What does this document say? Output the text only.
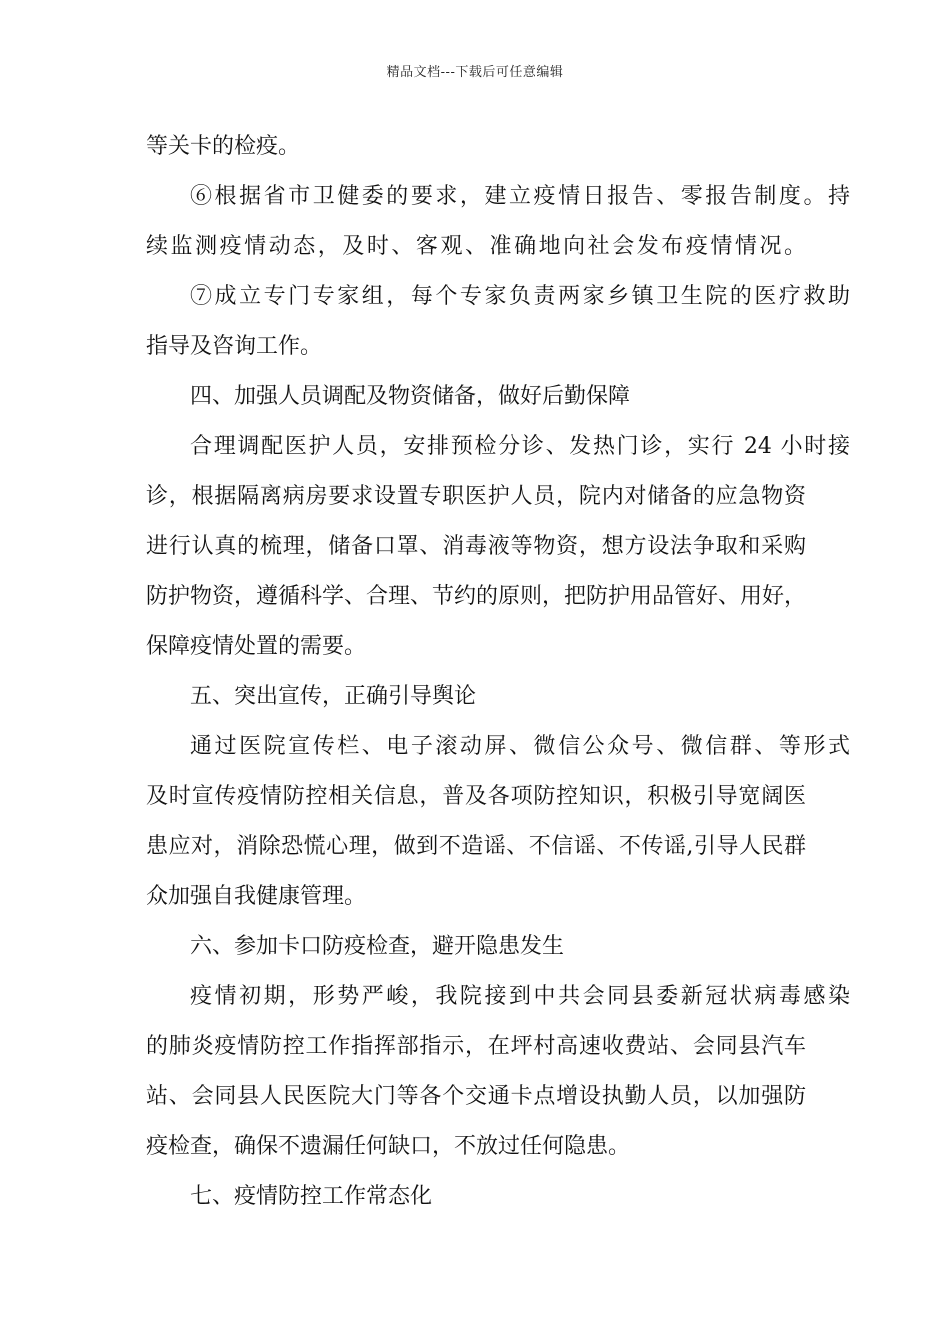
精品文档---下载后可任意编辑
等关卡的检疫。
⑥根据省市卫健委的要求，建立疫情日报告、零报告制度。持
续监测疫情动态，及时、客观、准确地向社会发布疫情情况。
⑦成立专门专家组，每个专家负责两家乡镇卫生院的医疗救助
指导及咨询工作。
四、加强人员调配及物资储备，做好后勤保障
合理调配医护人员，安排预检分诊、发热门诊，实行 24 小时接
诊，根据隔离病房要求设置专职医护人员，院内对储备的应急物资
进行认真的梳理，储备口罩、消毒液等物资，想方设法争取和采购
防护物资，遵循科学、合理、节约的原则，把防护用品管好、用好，
保障疫情处置的需要。
五、突出宣传，正确引导舆论
通过医院宣传栏、电子滚动屏、微信公众号、微信群、等形式
及时宣传疫情防控相关信息，普及各项防控知识，积极引导宽阔医
患应对，消除恐慌心理，做到不造谣、不信谣、不传谣,引导人民群
众加强自我健康管理。
六、参加卡口防疫检查，避开隐患发生
疫情初期，形势严峻，我院接到中共会同县委新冠状病毒感染
的肺炎疫情防控工作指挥部指示，在坪村高速收费站、会同县汽车
站、会同县人民医院大门等各个交通卡点增设执勤人员，以加强防
疫检查，确保不遗漏任何缺口，不放过任何隐患。
七、疫情防控工作常态化
